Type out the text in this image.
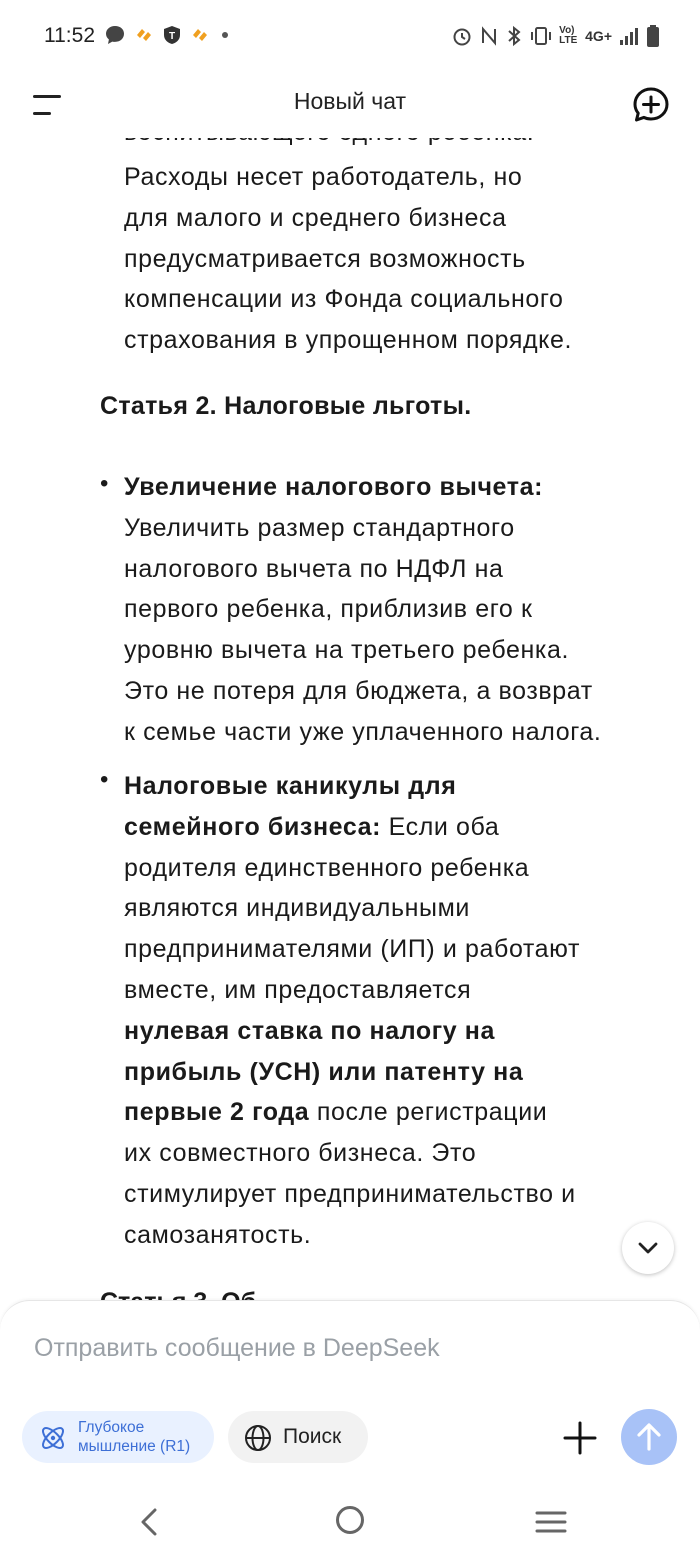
11:52	T
Vo) LTE 4G+
Новый чат
Расходы несет работодатель, но
для малого и среднего бизнеса
предусматривается возможность
компенсации из Фонда социального
страхования в упрощенном порядке.
Статья 2. Налоговые льготы.
• Увеличение налогового вычета:
Увеличить размер стандартного
налогового вычета по НДФЛ на
первого ребенка, приблизив его к
уровню вычета на третьего ребенка.
Это не потеря для бюджета, а возврат
к семье части уже уплаченного налога.
• Налоговые каникулы для
семейного бизнеса: Если оба
родителя единственного ребенка
являются индивидуальными
предпринимателями (ИП) и работают
вместе, им предоставляется
нулевая ставка по налогу на
прибыль (УСН) или патенту на
первые 2 года после регистрации
их совместного бизнеса. Это
стимулирует предпринимательство и
самозанятость.
Отправить сообщение в DeepSeek
Глубокое
мышление (R1)	Поиск
